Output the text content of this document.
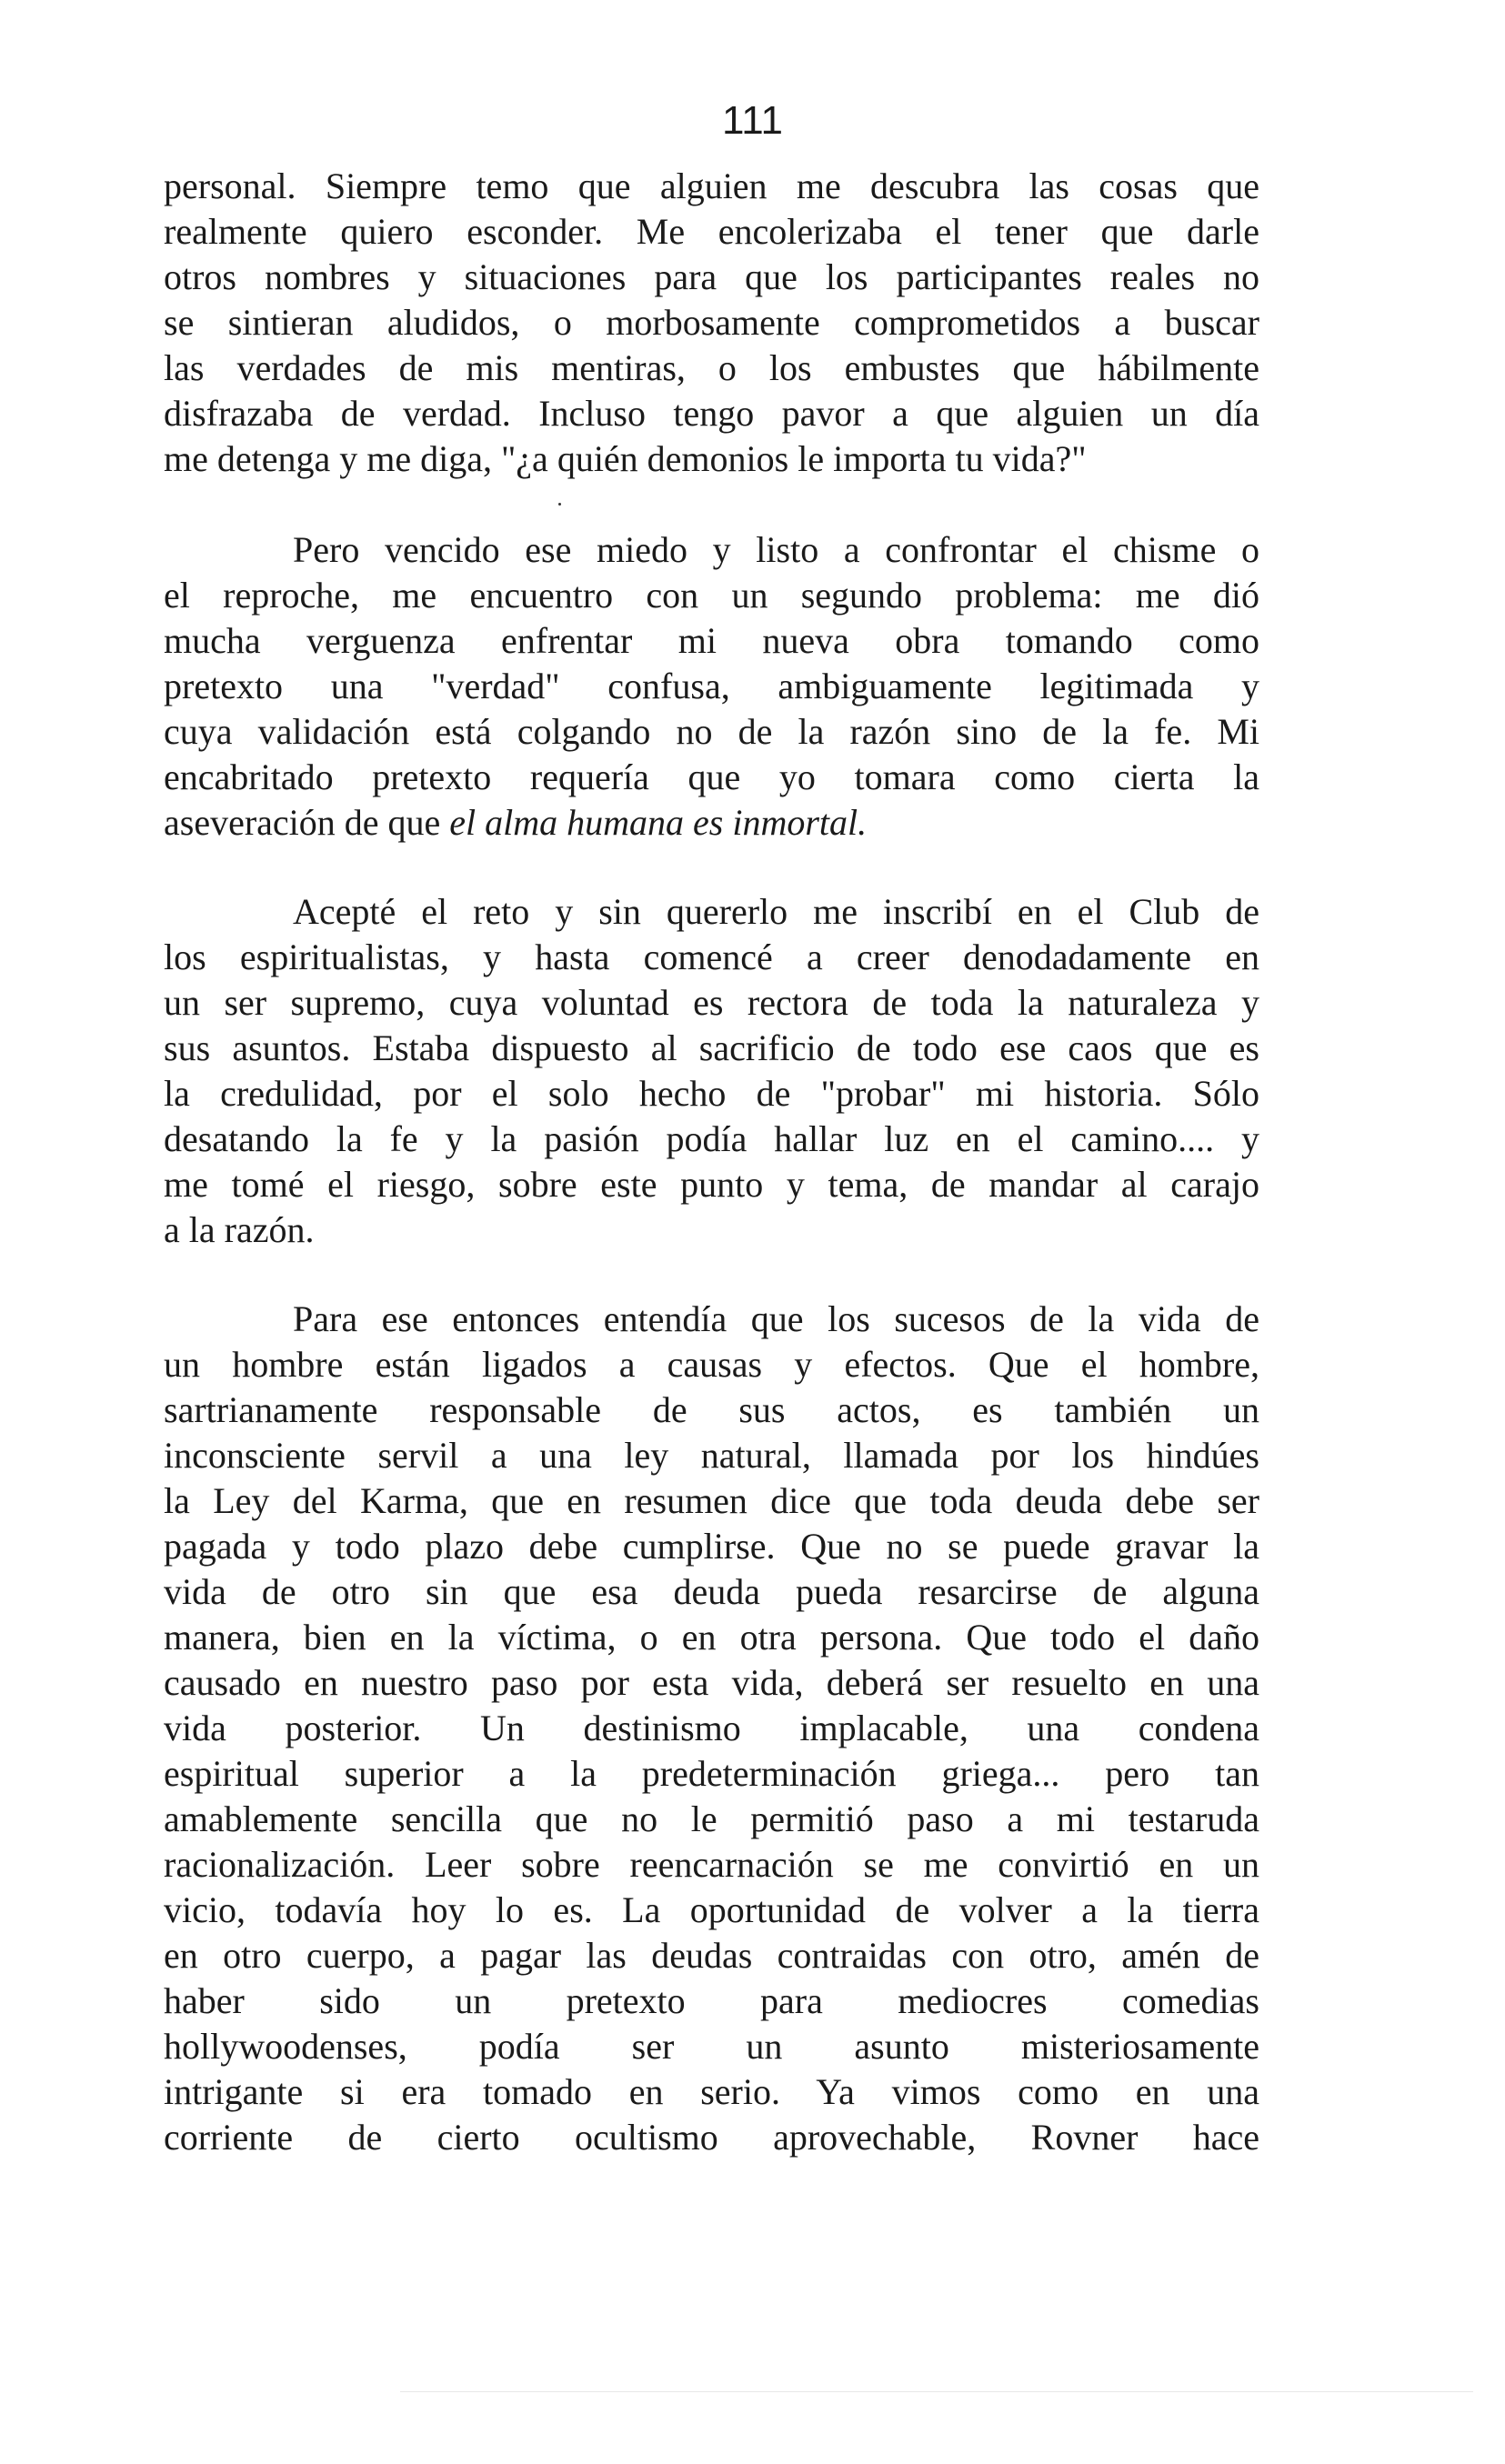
111
personal. Siempre temo que alguien me descubra las cosas que
realmente quiero esconder. Me encolerizaba el tener que darle
otros nombres y situaciones para que los participantes reales no
se sintieran aludidos, o morbosamente comprometidos a buscar
las verdades de mis mentiras, o los embustes que hábilmente
disfrazaba de verdad. Incluso tengo pavor a que alguien un día
me detenga y me diga, "¿a quién demonios le importa tu vida?"
Pero vencido ese miedo y listo a confrontar el chisme o
el reproche, me encuentro con un segundo problema: me dió
mucha verguenza enfrentar mi nueva obra tomando como
pretexto una "verdad" confusa, ambiguamente legitimada y
cuya validación está colgando no de la razón sino de la fe. Mi
encabritado pretexto requería que yo tomara como cierta la
aseveración de que el alma humana es inmortal.
Acepté el reto y sin quererlo me inscribí en el Club de
los espiritualistas, y hasta comencé a creer denodadamente en
un ser supremo, cuya voluntad es rectora de toda la naturaleza y
sus asuntos. Estaba dispuesto al sacrificio de todo ese caos que es
la credulidad, por el solo hecho de "probar" mi historia. Sólo
desatando la fe y la pasión podía hallar luz en el camino.... y
me tomé el riesgo, sobre este punto y tema, de mandar al carajo
a la razón.
Para ese entonces entendía que los sucesos de la vida de
un hombre están ligados a causas y efectos. Que el hombre,
sartrianamente responsable de sus actos, es también un
inconsciente servil a una ley natural, llamada por los hindúes
la Ley del Karma, que en resumen dice que toda deuda debe ser
pagada y todo plazo debe cumplirse. Que no se puede gravar la
vida de otro sin que esa deuda pueda resarcirse de alguna
manera, bien en la víctima, o en otra persona. Que todo el daño
causado en nuestro paso por esta vida, deberá ser resuelto en una
vida posterior. Un destinismo implacable, una condena
espiritual superior a la predeterminación griega... pero tan
amablemente sencilla que no le permitió paso a mi testaruda
racionalización. Leer sobre reencarnación se me convirtió en un
vicio, todavía hoy lo es. La oportunidad de volver a la tierra
en otro cuerpo, a pagar las deudas contraidas con otro, amén de
haber sido un pretexto para mediocres comedias
hollywoodenses, podía ser un asunto misteriosamente
intrigante si era tomado en serio. Ya vimos como en una
corriente de cierto ocultismo aprovechable, Rovner hace
